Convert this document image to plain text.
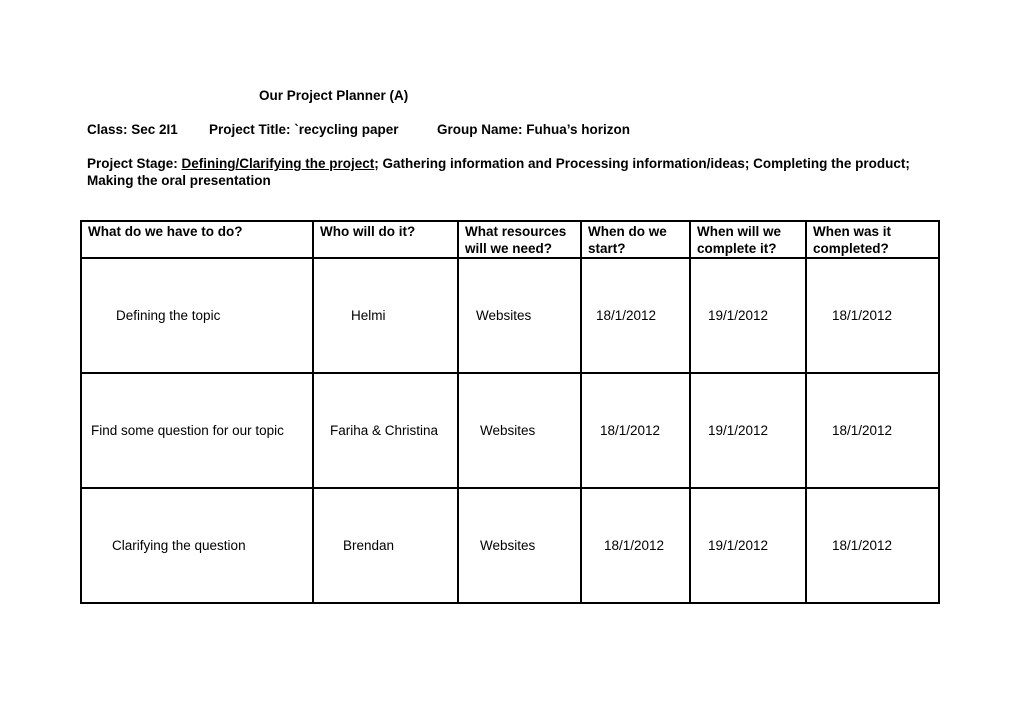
Our Project Planner (A)
Class: Sec 2I1 Project Title: `recycling paper	Group Name: Fuhua’s horizon
Project Stage: Defining/Clarifying the project; Gathering information and Processing information/ideas; Completing the product; Making the oral presentation
What do we have to do?	Who will do it?	What resources will we need?	When do we start?	When will we complete it?	When was it completed?
Defining the topic	Helmi	Websites	18/1/2012	19/1/2012	18/1/2012
Find some question for our topic	Fariha & Christina	Websites	18/1/2012	19/1/2012	18/1/2012
Clarifying the question	Brendan	Websites	18/1/2012	19/1/2012	18/1/2012
